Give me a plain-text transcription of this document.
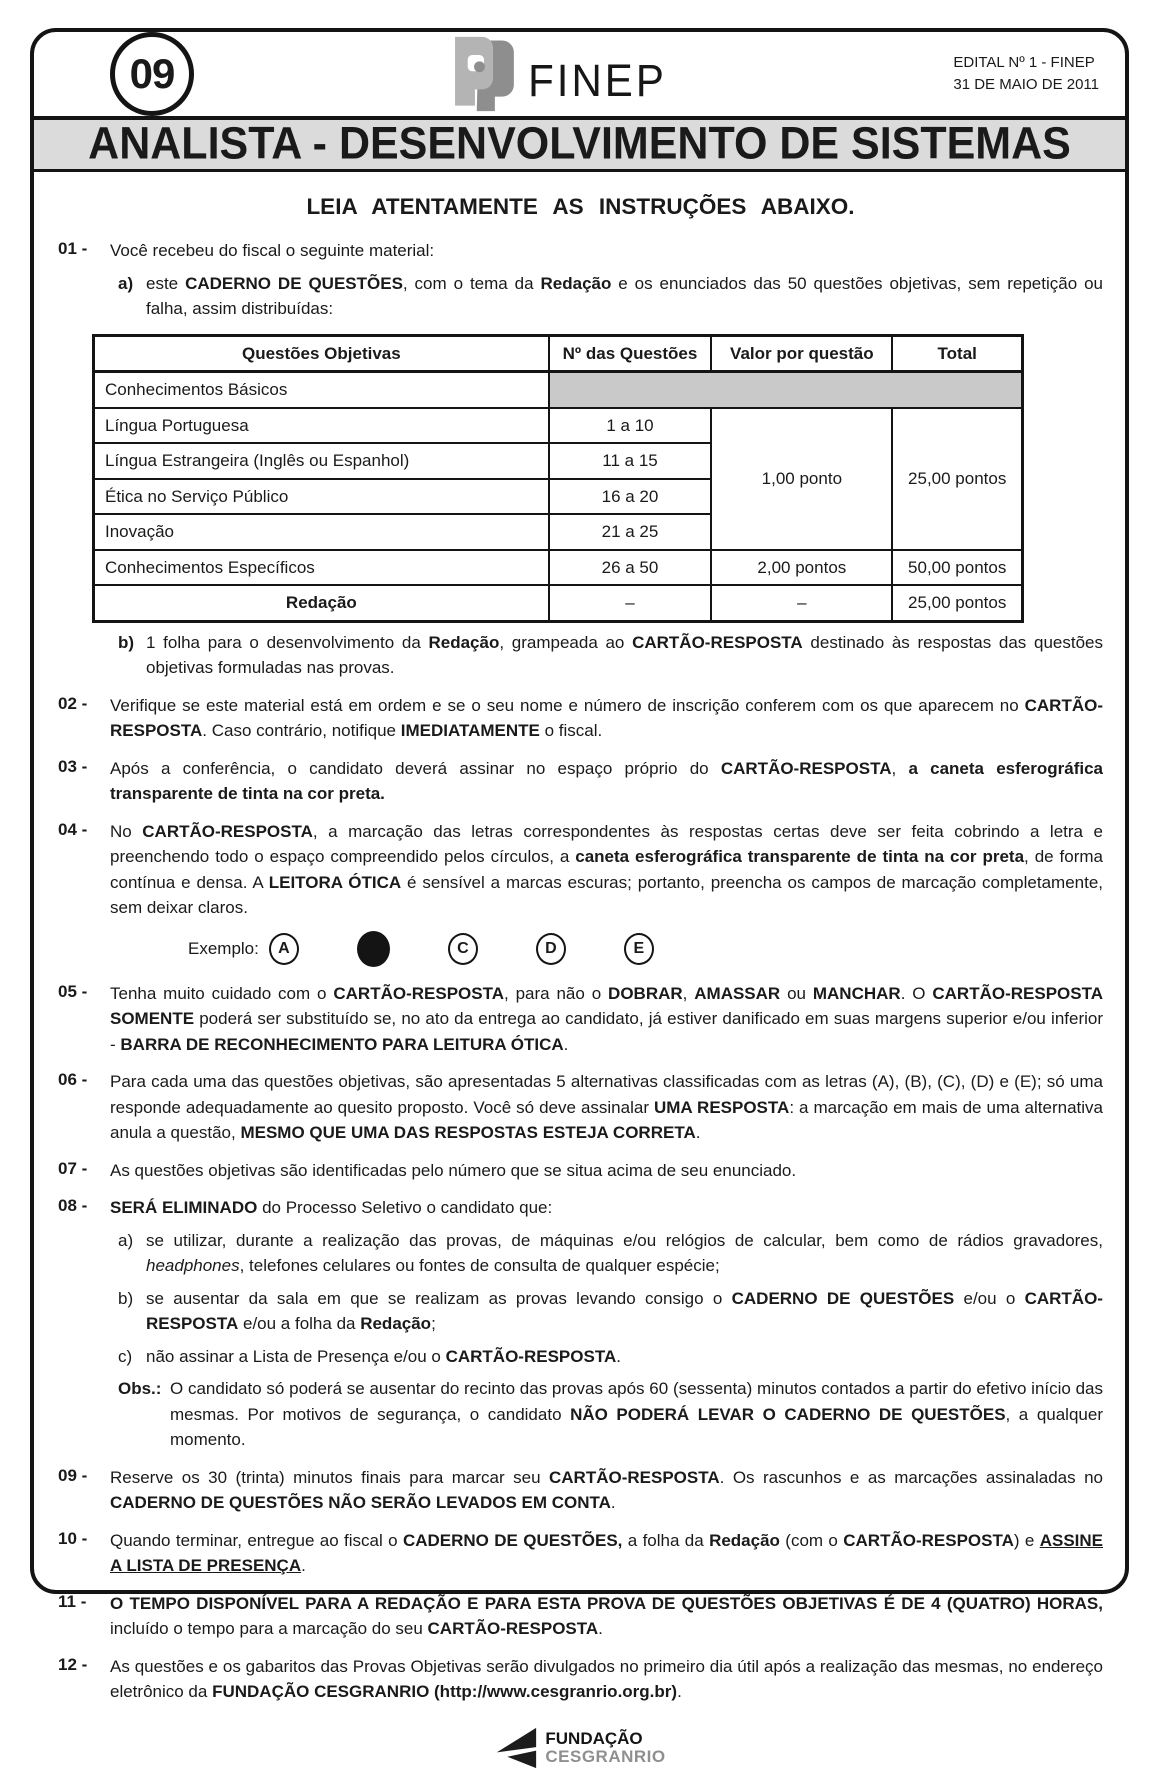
09	FINEP	EDITAL Nº 1 - FINEP
31 DE MAIO DE 2011
ANALISTA - DESENVOLVIMENTO DE SISTEMAS
LEIA ATENTAMENTE AS INSTRUÇÕES ABAIXO.
01 -	Você recebeu do fiscal o seguinte material:

a) este CADERNO DE QUESTÕES, com o tema da Redação e os enunciados das 50 questões objetivas, sem repetição ou falha, assim distribuídas:

Questões Objetivas	Nº das Questões	Valor por questão	Total
Conhecimentos Básicos			
Língua Portuguesa	1 a 10	1,00 ponto	25,00 pontos
Língua Estrangeira (Inglês ou Espanhol)	11 a 15		
Ética no Serviço Público	16 a 20		
Inovação	21 a 25		
Conhecimentos Específicos	26 a 50	2,00 pontos	50,00 pontos
Redação	–	–	25,00 pontos
b) 1 folha para o desenvolvimento da Redação, grampeada ao CARTÃO-RESPOSTA destinado às respostas das questões objetivas formuladas nas provas.

02 -	Verifique se este material está em ordem e se o seu nome e número de inscrição conferem com os que aparecem no CARTÃO-RESPOSTA. Caso contrário, notifique IMEDIATAMENTE o fiscal.

03 -	Após a conferência, o candidato deverá assinar no espaço próprio do CARTÃO-RESPOSTA, a caneta esferográfica transparente de tinta na cor preta.

04 -	No CARTÃO-RESPOSTA, a marcação das letras correspondentes às respostas certas deve ser feita cobrindo a letra e preenchendo todo o espaço compreendido pelos círculos, a caneta esferográfica transparente de tinta na cor preta, de forma contínua e densa. A LEITORA ÓTICA é sensível a marcas escuras; portanto, preencha os campos de marcação completamente, sem deixar claros.

Exemplo: A	B	C	D	E
05 -	Tenha muito cuidado com o CARTÃO-RESPOSTA, para não o DOBRAR, AMASSAR ou MANCHAR. O CARTÃO-RESPOSTA SOMENTE poderá ser substituído se, no ato da entrega ao candidato, já estiver danificado em suas margens superior e/ou inferior - BARRA DE RECONHECIMENTO PARA LEITURA ÓTICA.

06 -	Para cada uma das questões objetivas, são apresentadas 5 alternativas classificadas com as letras (A), (B), (C), (D) e (E); só uma responde adequadamente ao quesito proposto. Você só deve assinalar UMA RESPOSTA: a marcação em mais de uma alternativa anula a questão, MESMO QUE UMA DAS RESPOSTAS ESTEJA CORRETA.

07 -	As questões objetivas são identificadas pelo número que se situa acima de seu enunciado.

08 -	SERÁ ELIMINADO do Processo Seletivo o candidato que:

a) se utilizar, durante a realização das provas, de máquinas e/ou relógios de calcular, bem como de rádios gravadores, headphones, telefones celulares ou fontes de consulta de qualquer espécie;

b) se ausentar da sala em que se realizam as provas levando consigo o CADERNO DE QUESTÕES e/ou o CARTÃO-RESPOSTA e/ou a folha da Redação;

c) não assinar a Lista de Presença e/ou o CARTÃO-RESPOSTA.

Obs.: O candidato só poderá se ausentar do recinto das provas após 60 (sessenta) minutos contados a partir do efetivo início das mesmas. Por motivos de segurança, o candidato NÃO PODERÁ LEVAR O CADERNO DE QUESTÕES, a qualquer momento.

09 -	Reserve os 30 (trinta) minutos finais para marcar seu CARTÃO-RESPOSTA. Os rascunhos e as marcações assinaladas no CADERNO DE QUESTÕES NÃO SERÃO LEVADOS EM CONTA.

10 -	Quando terminar, entregue ao fiscal o CADERNO DE QUESTÕES, a folha da Redação (com o CARTÃO-RESPOSTA) e ASSINE A LISTA DE PRESENÇA.

11 -	O TEMPO DISPONÍVEL PARA A REDAÇÃO E PARA ESTA PROVA DE QUESTÕES OBJETIVAS É DE 4 (QUATRO) HORAS, incluído o tempo para a marcação do seu CARTÃO-RESPOSTA.

12 -	As questões e os gabaritos das Provas Objetivas serão divulgados no primeiro dia útil após a realização das mesmas, no endereço eletrônico da FUNDAÇÃO CESGRANRIO (http://www.cesgranrio.org.br).

FUNDAÇÃO
CESGRANRIO
